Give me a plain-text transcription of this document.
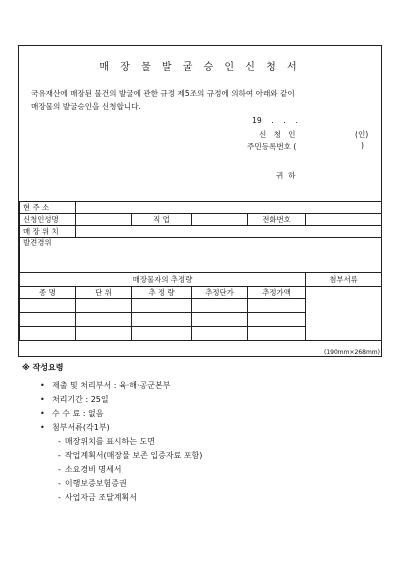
매 장 물 발 굴 승 인 신 청 서
국유재산에 매장된 물건의 발굴에 관한 규정 제5조의 규정에 의하여 아래와 같이
매장물의 발굴승인을 신청합니다.
19    .    .    .
신   청   인	(인)
주민등록번호 (	)
귀  하
현 주 소					
신청인성명		직 업		전화번호	
매 장 위 치					
발견경위					
매장물자의 추정량					첨부서류
종 명	단 위	추 정 량	추정단가	추정가액	

(190mm×268mm)
※ 작성요령
• 제출 및 처리부서 : 육·해·공군본부
• 처리기간 : 25일
• 수 수 료 : 없음
• 첨부서류(각1부)
- 매장위치를 표시하는 도면
- 작업계획서(매장물 보존 입증자료 포함)
- 소요경비 명세서
- 이행보증보험증권
- 사업자금 조달계획서
